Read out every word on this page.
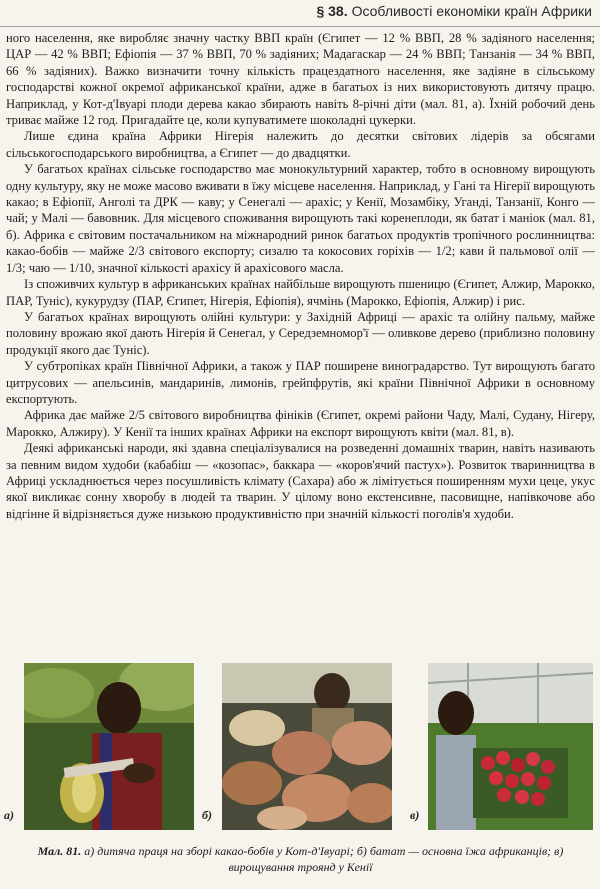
§ 38. Особливості економіки країн Африки

ного населення, яке виробляє значну частку ВВП країн (Єгипет — 12 % ВВП, 28 % задіяного населення; ЦАР — 42 % ВВП; Ефіопія — 37 % ВВП, 70 % задіяних; Мадагаскар — 24 % ВВП; Танзанія — 34 % ВВП, 66 % задіяних). Важко визначити точну кількість працездатного населення, яке задіяне в сільському господарстві кожної окремої африканської країни, адже в багатьох із них використовують дитячу працю. Наприклад, у Кот-д'Івуарі плоди дерева какао збирають навіть 8-річні діти (мал. 81, а). Їхній робочий день триває майже 12 год. Пригадайте це, коли купуватимете шоколадні цукерки.

Лише єдина країна Африки Нігерія належить до десятки світових лідерів за обсягами сільськогосподарського виробництва, а Єгипет — до двадцятки.

У багатьох країнах сільське господарство має монокультурний характер, тобто в основному вирощують одну культуру, яку не може масово вживати в їжу місцеве населення. Наприклад, у Гані та Нігерії вирощують какао; в Ефіопії, Анголі та ДРК — каву; у Сенегалі — арахіс; у Кенії, Мозамбіку, Уганді, Танзанії, Конго — чай; у Малі — бавовник. Для місцевого споживання вирощують такі коренеплоди, як батат і маніок (мал. 81, б). Африка є світовим постачальником на міжнародний ринок багатьох продуктів тропічного рослинництва: какао-бобів — майже 2/3 світового експорту; сизалю та кокосових горіхів — 1/2; кави й пальмової олії — 1/3; чаю — 1/10, значної кількості арахісу й арахісового масла.

Із споживчих культур в африканських країнах найбільше вирощують пшеницю (Єгипет, Алжир, Марокко, ПАР, Туніс), кукурудзу (ПАР, Єгипет, Нігерія, Ефіопія), ячмінь (Марокко, Ефіопія, Алжир) і рис.

У багатьох країнах вирощують олійні культури: у Західній Африці — арахіс та олійну пальму, майже половину врожаю якої дають Нігерія й Сенегал, у Середземномор'ї — оливкове дерево (приблизно половину продукції якого дає Туніс).

У субтропіках країн Північної Африки, а також у ПАР поширене виноградарство. Тут вирощують багато цитрусових — апельсинів, мандаринів, лимонів, грейпфрутів, які країни Північної Африки в основному експортують.

Африка дає майже 2/5 світового виробництва фініків (Єгипет, окремі райони Чаду, Малі, Судану, Нігеру, Марокко, Алжиру). У Кенії та інших країнах Африки на експорт вирощують квіти (мал. 81, в).

Деякі африканські народи, які здавна спеціалізувалися на розведенні домашніх тварин, навіть називають за певним видом худоби (кабабіш — «козопас», баккара — «коров'ячий пастух»). Розвиток тваринництва в Африці ускладнюється через посушливість клімату (Сахара) або ж лімітується поширенням мухи цеце, укус якої викликає сонну хворобу в людей та тварин. У цілому воно екстенсивне, пасовищне, напівкочове або відгінне й відрізняється дуже низькою продуктивністю при значній кількості поголів'я худоби.

а)	б)	в)
Мал. 81. а) дитяча праця на зборі какао-бобів у Кот-д'Івуарі; б) батат — основна їжа африканців; в) вирощування троянд у Кенії
